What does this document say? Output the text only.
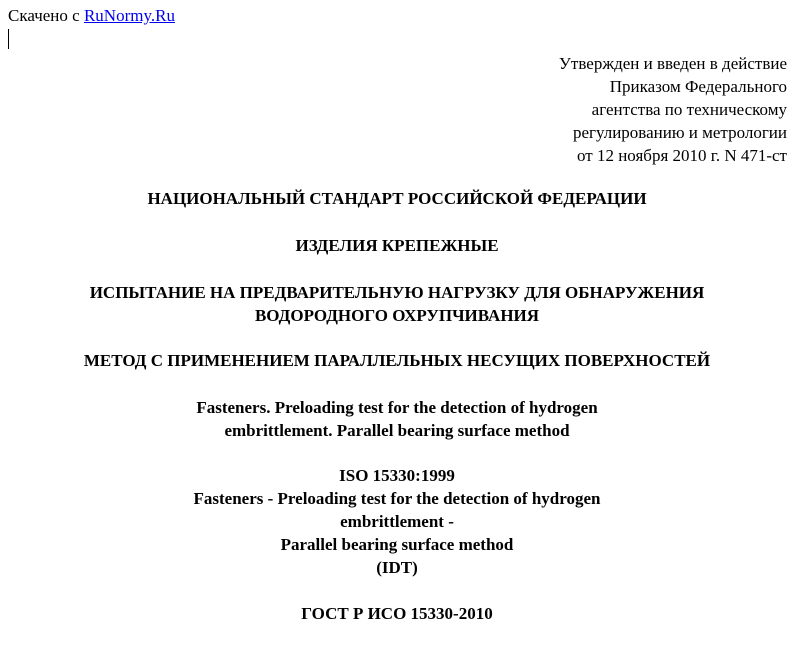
Скачено с RuNormy.Ru
Утвержден и введен в действие
Приказом Федерального
агентства по техническому
регулированию и метрологии
от 12 ноября 2010 г. N 471-ст
НАЦИОНАЛЬНЫЙ СТАНДАРТ РОССИЙСКОЙ ФЕДЕРАЦИИ
ИЗДЕЛИЯ КРЕПЕЖНЫЕ
ИСПЫТАНИЕ НА ПРЕДВАРИТЕЛЬНУЮ НАГРУЗКУ ДЛЯ ОБНАРУЖЕНИЯ
ВОДОРОДНОГО ОХРУПЧИВАНИЯ
МЕТОД С ПРИМЕНЕНИЕМ ПАРАЛЛЕЛЬНЫХ НЕСУЩИХ ПОВЕРХНОСТЕЙ
Fasteners. Preloading test for the detection of hydrogen
embrittlement. Parallel bearing surface method
ISO 15330:1999
Fasteners - Preloading test for the detection of hydrogen
embrittlement -
Parallel bearing surface method
(IDT)
ГОСТ Р ИСО 15330-2010
